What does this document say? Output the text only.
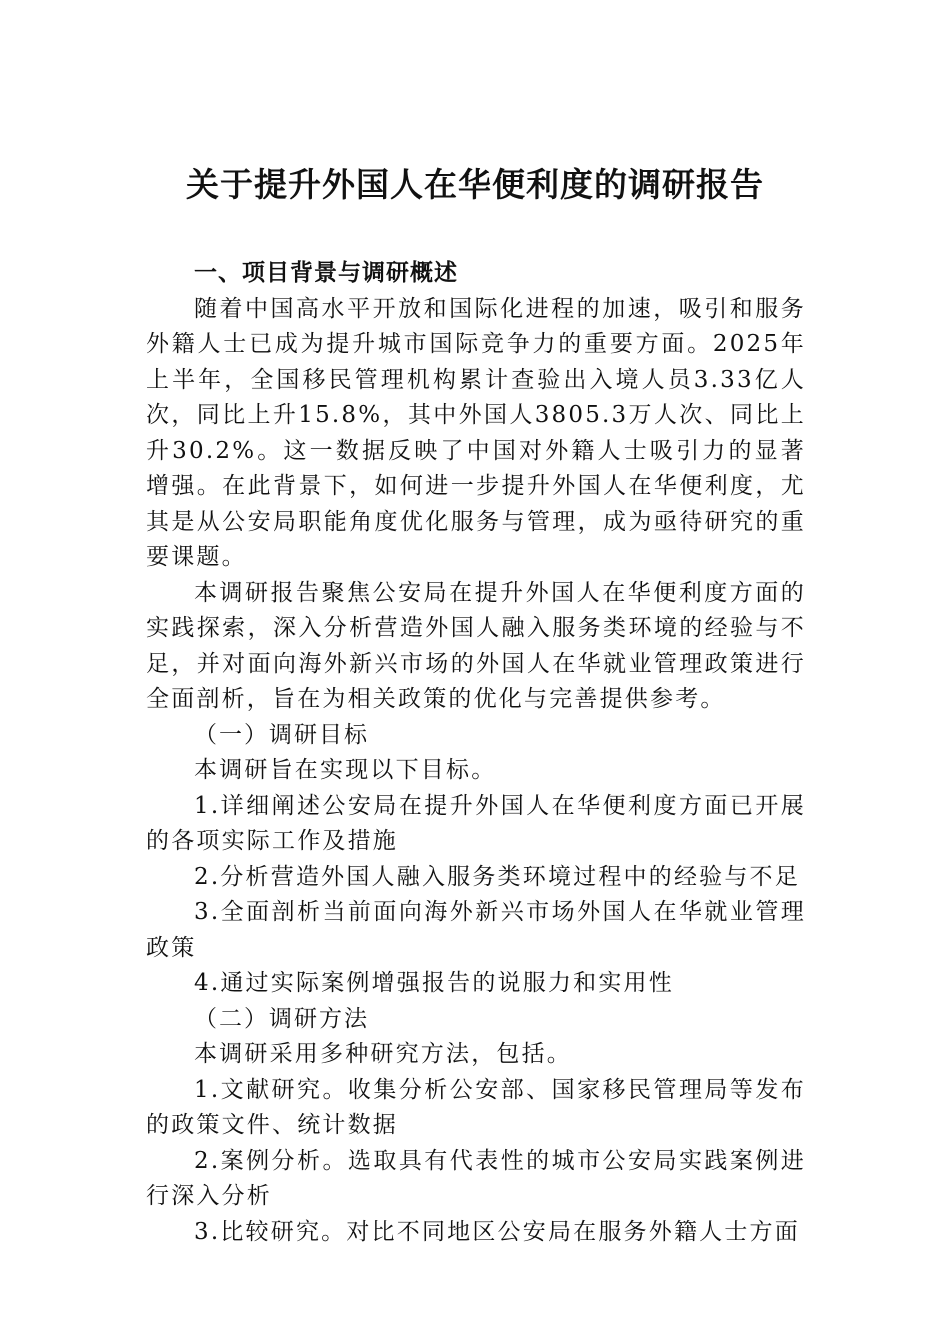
关于提升外国人在华便利度的调研报告

一、项目背景与调研概述

随着中国高水平开放和国际化进程的加速，吸引和服务外籍人士已成为提升城市国际竞争力的重要方面。2025年上半年，全国移民管理机构累计查验出入境人员3.33亿人次，同比上升15.8%，其中外国人3805.3万人次、同比上升30.2%。这一数据反映了中国对外籍人士吸引力的显著增强。在此背景下，如何进一步提升外国人在华便利度，尤其是从公安局职能角度优化服务与管理，成为亟待研究的重要课题。

本调研报告聚焦公安局在提升外国人在华便利度方面的实践探索，深入分析营造外国人融入服务类环境的经验与不足，并对面向海外新兴市场的外国人在华就业管理政策进行全面剖析，旨在为相关政策的优化与完善提供参考。

（一）调研目标

本调研旨在实现以下目标。

1.详细阐述公安局在提升外国人在华便利度方面已开展的各项实际工作及措施

2.分析营造外国人融入服务类环境过程中的经验与不足

3.全面剖析当前面向海外新兴市场外国人在华就业管理政策

4.通过实际案例增强报告的说服力和实用性

（二）调研方法

本调研采用多种研究方法，包括。

1.文献研究。收集分析公安部、国家移民管理局等发布的政策文件、统计数据

2.案例分析。选取具有代表性的城市公安局实践案例进行深入分析

3.比较研究。对比不同地区公安局在服务外籍人士方面
